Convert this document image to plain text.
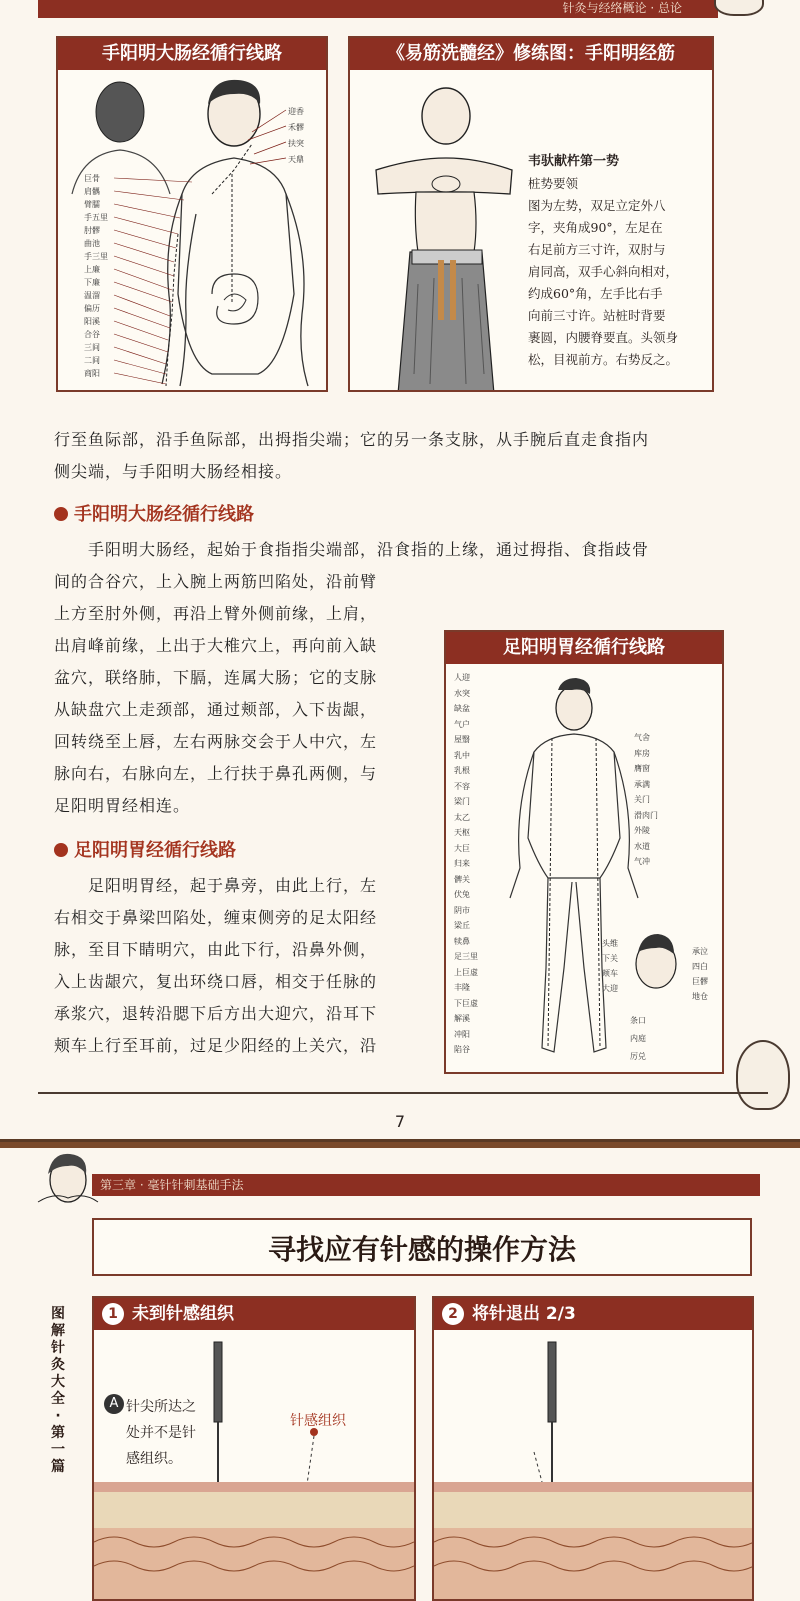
针灸与经络概论 · 总论
手阳明大肠经循行线路
迎香
禾髎
扶突
天鼎
巨骨
肩髃
臂臑
手五里
肘髎
曲池
手三里
上廉
下廉
温溜
偏历
阳溪
合谷
三间
二间
商阳
《易筋洗髓经》修练图：手阳明经筋
韦驮献杵第一势
桩势要领
图为左势，双足立定外八
字，夹角成90°，左足在
右足前方三寸许，双肘与
肩同高，双手心斜向相对，
约成60°角，左手比右手
向前三寸许。站桩时背要
裹圆，内腰脊要直。头领身
松，目视前方。右势反之。
行至鱼际部，沿手鱼际部，出拇指尖端；它的另一条支脉，从手腕后直走食指内
侧尖端，与手阳明大肠经相接。
手阳明大肠经循行线路
手阳明大肠经，起始于食指指尖端部，沿食指的上缘，通过拇指、食指歧骨
间的合谷穴，上入腕上两筋凹陷处，沿前臂
上方至肘外侧，再沿上臂外侧前缘，上肩，
出肩峰前缘，上出于大椎穴上，再向前入缺
盆穴，联络肺，下膈，连属大肠；它的支脉
从缺盘穴上走颈部，通过颊部，入下齿龈，
回转绕至上唇，左右两脉交会于人中穴，左
脉向右，右脉向左，上行扶于鼻孔两侧，与
足阳明胃经相连。
足阳明胃经循行线路
足阳明胃经，起于鼻旁，由此上行，左
右相交于鼻梁凹陷处，缠束侧旁的足太阳经
脉，至目下睛明穴，由此下行，沿鼻外侧，
入上齿龈穴，复出环绕口唇，相交于任脉的
承浆穴，退转沿腮下后方出大迎穴，沿耳下
颊车上行至耳前，过足少阳经的上关穴，沿
足阳明胃经循行线路
人迎
水突
缺盆
气户
屋翳
乳中
乳根
不容
梁门
太乙
天枢
大巨
归来
髀关
伏兔
阴市
梁丘
犊鼻
足三里
上巨虚
丰隆
下巨虚
解溪
冲阳
陷谷
气舍
库房
膺窗
承满
关门
滑肉门
外陵
水道
气冲
头维
下关
颊车
大迎
承泣
四白
巨髎
地仓
条口
内庭
厉兑
7
第三章 · 毫针针刺基础手法
寻找应有针感的操作方法
图
解
针
灸
大
全
·
第
一
篇
1 未到针感组织
A 针尖所达之
处并不是针
感组织。
针感组织
2 将针退出 2/3
